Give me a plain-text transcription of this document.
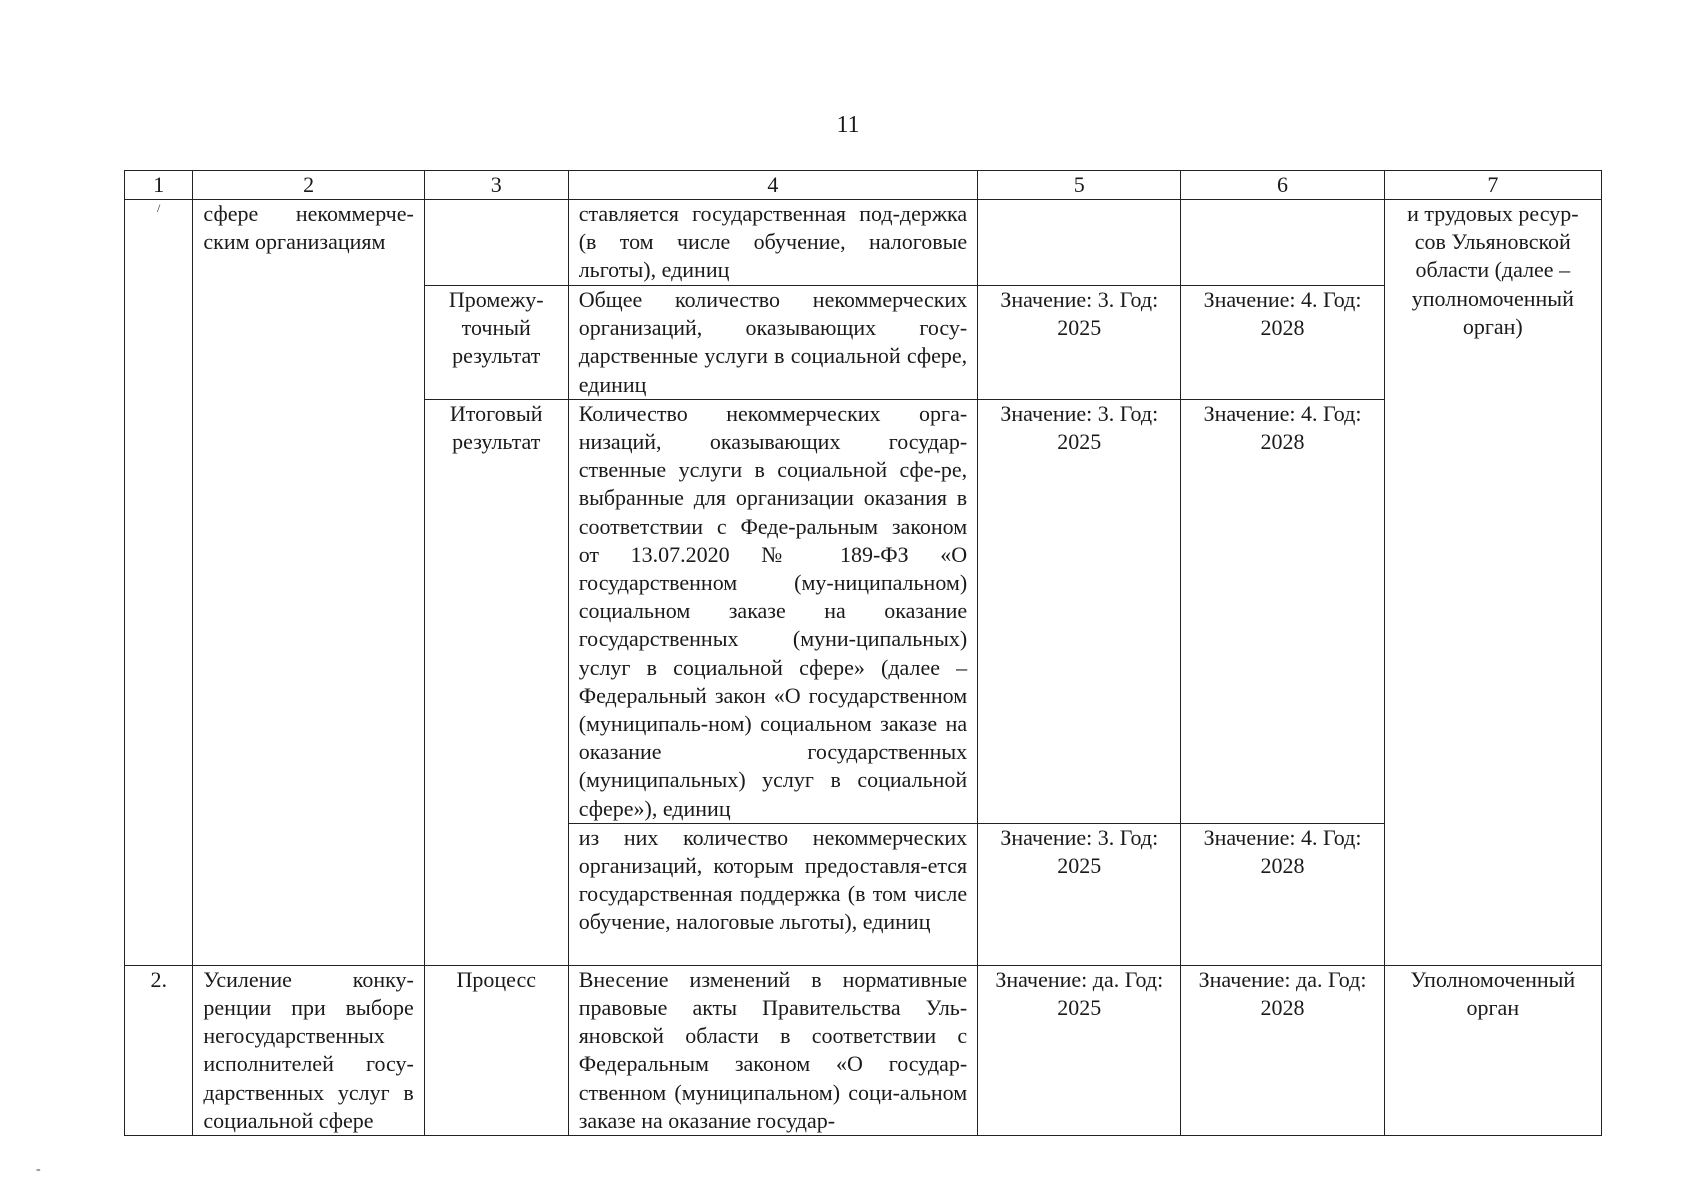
11
1	2	3	4	5	6	7

/	сфере некоммерче-ским организациям		ставляется государственная под-держка (в том числе обучение, налоговые льготы), единиц			и трудовых ресур-сов Ульяновской области (далее – уполномоченный орган)
		Промежу-точный результат	Общее количество некоммерческих организаций, оказывающих госу-дарственные услуги в социальной сфере, единиц	Значение: 3. Год: 2025	Значение: 4. Год: 2028	
		Итоговый результат	Количество некоммерческих орга-низаций, оказывающих государ-ственные услуги в социальной сфе-ре, выбранные для организации оказания в соответствии с Феде-ральным законом от 13.07.2020 № 189-ФЗ «О государственном (му-ниципальном) социальном заказе на оказание государственных (муни-ципальных) услуг в социальной сфере» (далее – Федеральный закон «О государственном (муниципаль-ном) социальном заказе на оказание государственных (муниципальных) услуг в социальной сфере»), единиц	Значение: 3. Год: 2025	Значение: 4. Год: 2028	
			из них количество некоммерческих организаций, которым предоставля-ется государственная поддержка (в том числе обучение, налоговые льготы), единиц	Значение: 3. Год: 2025	Значение: 4. Год: 2028	
2.	Усиление конку-ренции при выборе негосударственных исполнителей госу-дарственных услуг в социальной сфере	Процесс	Внесение изменений в нормативные правовые акты Правительства Уль-яновской области в соответствии с Федеральным законом «О государ-ственном (муниципальном) соци-альном заказе на оказание государ-	Значение: да. Год: 2025	Значение: да. Год: 2028	Уполномоченный орган
-
